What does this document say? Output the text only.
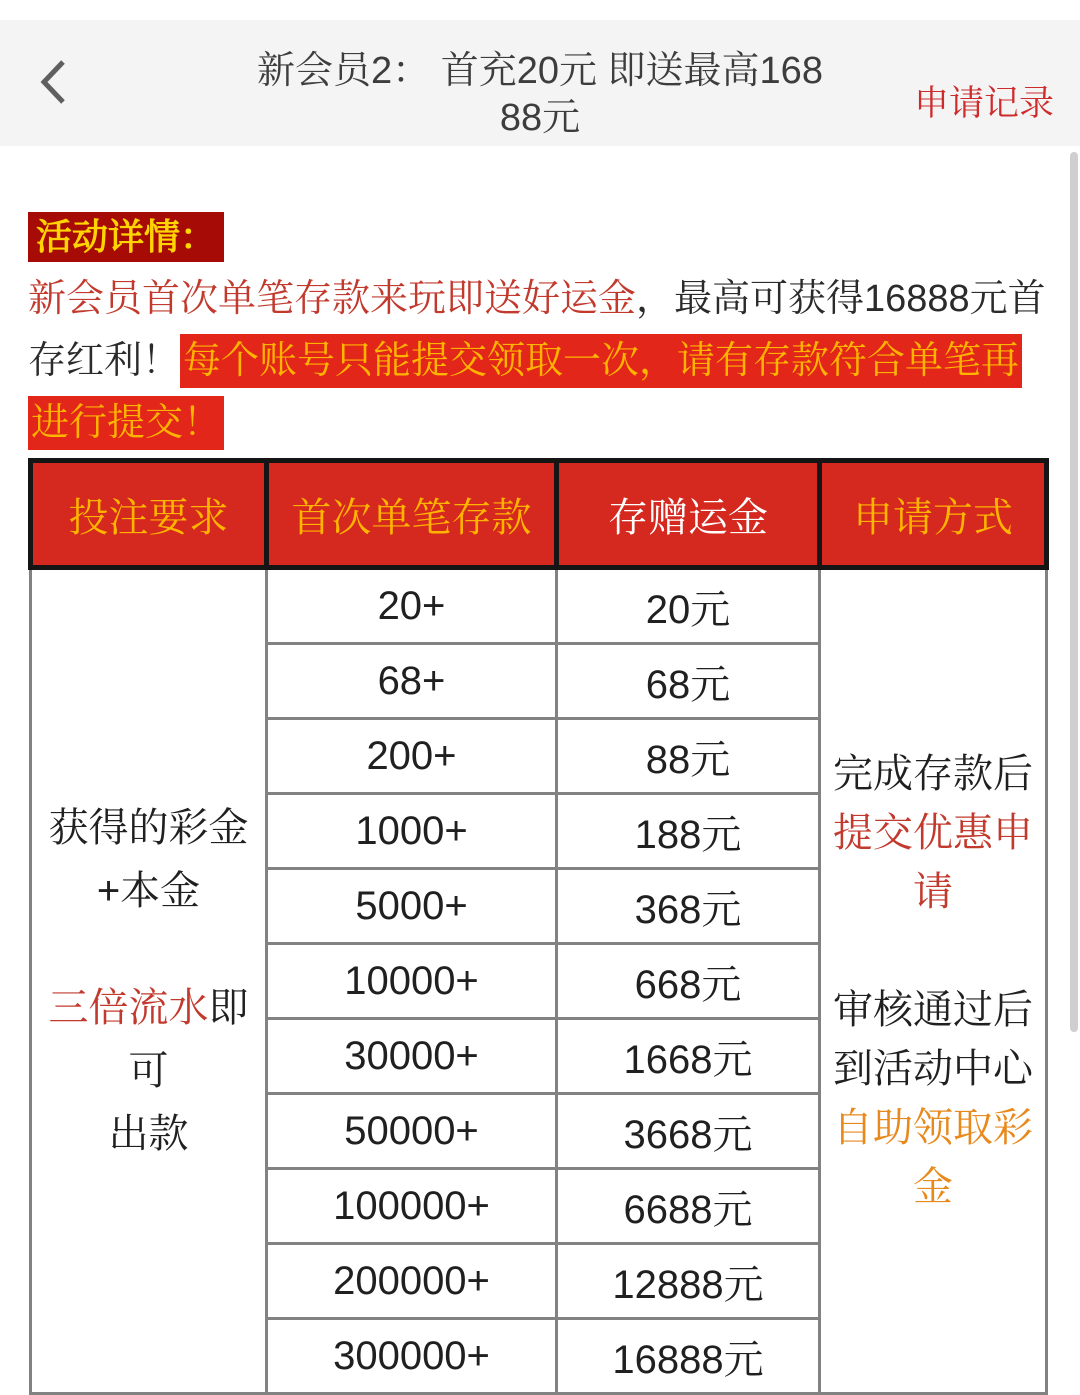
新会员2： 首充20元 即送最高16888元	申请记录
活动详情：
新会员首次单笔存款来玩即送好运金，最高可获得16888元首存红利！每个账号只能提交领取一次，请有存款符合单笔再进行提交！
投注要求	首次单笔存款	存赠运金	申请方式

获得的彩金
+本金
三倍流水即可
出款
	20+	20元	
完成存款后提交优惠申请
审核通过后到活动中心自助领取彩金

	68+	68元	
	200+	88元	
	1000+	188元	
	5000+	368元	
	10000+	668元	
	30000+	1668元	
	50000+	3668元	
	100000+	6688元	
	200000+	12888元	
	300000+	16888元	
